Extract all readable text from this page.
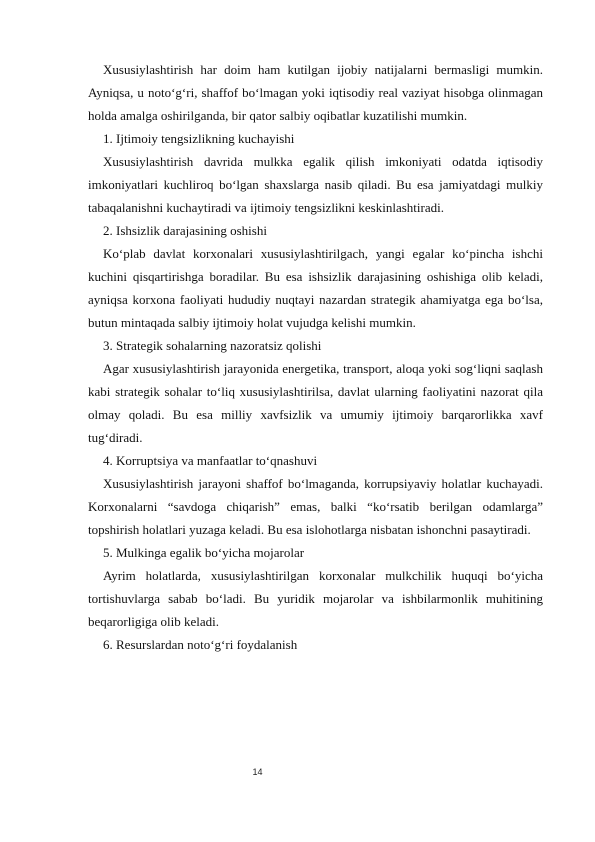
Xususiylashtirish har doim ham kutilgan ijobiy natijalarni bermasligi mumkin. Ayniqsa, u noto‘g‘ri, shaffof bo‘lmagan yoki iqtisodiy real vaziyat hisobga olinmagan holda amalga oshirilganda, bir qator salbiy oqibatlar kuzatilishi mumkin.

1. Ijtimoiy tengsizlikning kuchayishi

Xususiylashtirish davrida mulkka egalik qilish imkoniyati odatda iqtisodiy imkoniyatlari kuchliroq bo‘lgan shaxslarga nasib qiladi. Bu esa jamiyatdagi mulkiy tabaqalanishni kuchaytiradi va ijtimoiy tengsizlikni keskinlashtiradi.

2. Ishsizlik darajasining oshishi

Ko‘plab davlat korxonalari xususiylashtirilgach, yangi egalar ko‘pincha ishchi kuchini qisqartirishga boradilar. Bu esa ishsizlik darajasining oshishiga olib keladi, ayniqsa korxona faoliyati hududiy nuqtayi nazardan strategik ahamiyatga ega bo‘lsa, butun mintaqada salbiy ijtimoiy holat vujudga kelishi mumkin.

3. Strategik sohalarning nazoratsiz qolishi

Agar xususiylashtirish jarayonida energetika, transport, aloqa yoki sog‘liqni saqlash kabi strategik sohalar to‘liq xususiylashtirilsa, davlat ularning faoliyatini nazorat qila olmay qoladi. Bu esa milliy xavfsizlik va umumiy ijtimoiy barqarorlikka xavf tug‘diradi.

4. Korruptsiya va manfaatlar to‘qnashuvi

Xususiylashtirish jarayoni shaffof bo‘lmaganda, korrupsiyaviy holatlar kuchayadi. Korxonalarni “savdoga chiqarish” emas, balki “ko‘rsatib berilgan odamlarga” topshirish holatlari yuzaga keladi. Bu esa islohotlarga nisbatan ishonchni pasaytiradi.

5. Mulkinga egalik bo‘yicha mojarolar

Ayrim holatlarda, xususiylashtirilgan korxonalar mulkchilik huquqi bo‘yicha tortishuvlarga sabab bo‘ladi. Bu yuridik mojarolar va ishbilarmonlik muhitining beqarorligiga olib keladi.

6. Resurslardan noto‘g‘ri foydalanish

14
